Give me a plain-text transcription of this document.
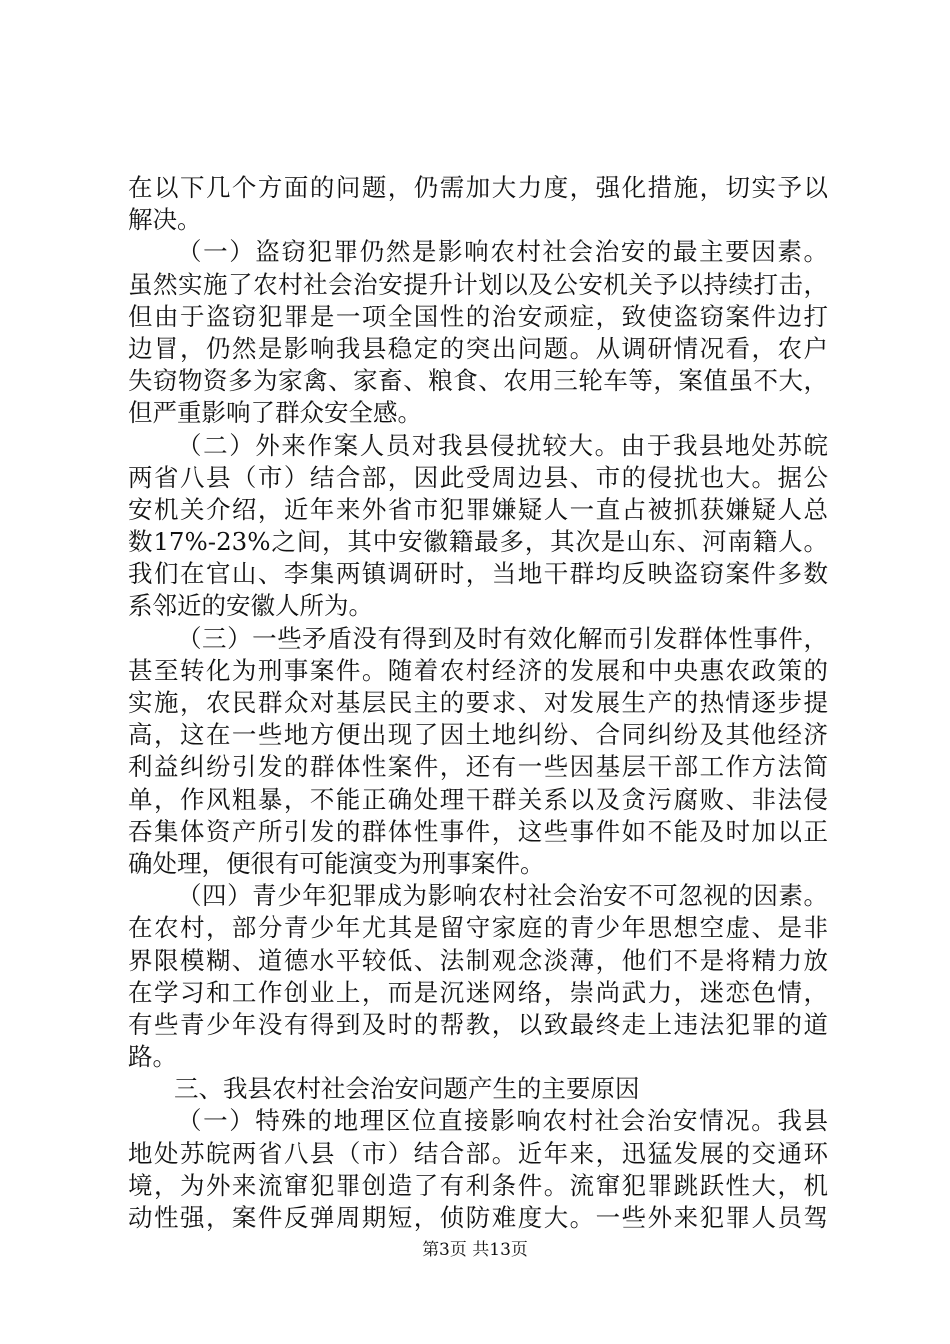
在以下几个方面的问题，仍需加大力度，强化措施，切实予以
解决。
（一）盗窃犯罪仍然是影响农村社会治安的最主要因素。
虽然实施了农村社会治安提升计划以及公安机关予以持续打击，
但由于盗窃犯罪是一项全国性的治安顽症，致使盗窃案件边打
边冒，仍然是影响我县稳定的突出问题。从调研情况看，农户
失窃物资多为家禽、家畜、粮食、农用三轮车等，案值虽不大，
但严重影响了群众安全感。
（二）外来作案人员对我县侵扰较大。由于我县地处苏皖
两省八县（市）结合部，因此受周边县、市的侵扰也大。据公
安机关介绍，近年来外省市犯罪嫌疑人一直占被抓获嫌疑人总
数17%-23%之间，其中安徽籍最多，其次是山东、河南籍人。
我们在官山、李集两镇调研时，当地干群均反映盗窃案件多数
系邻近的安徽人所为。
（三）一些矛盾没有得到及时有效化解而引发群体性事件，
甚至转化为刑事案件。随着农村经济的发展和中央惠农政策的
实施，农民群众对基层民主的要求、对发展生产的热情逐步提
高，这在一些地方便出现了因土地纠纷、合同纠纷及其他经济
利益纠纷引发的群体性案件，还有一些因基层干部工作方法简
单，作风粗暴，不能正确处理干群关系以及贪污腐败、非法侵
吞集体资产所引发的群体性事件，这些事件如不能及时加以正
确处理，便很有可能演变为刑事案件。
（四）青少年犯罪成为影响农村社会治安不可忽视的因素。
在农村，部分青少年尤其是留守家庭的青少年思想空虚、是非
界限模糊、道德水平较低、法制观念淡薄，他们不是将精力放
在学习和工作创业上，而是沉迷网络，崇尚武力，迷恋色情，
有些青少年没有得到及时的帮教，以致最终走上违法犯罪的道
路。
三、我县农村社会治安问题产生的主要原因
（一）特殊的地理区位直接影响农村社会治安情况。我县
地处苏皖两省八县（市）结合部。近年来，迅猛发展的交通环
境，为外来流窜犯罪创造了有利条件。流窜犯罪跳跃性大，机
动性强，案件反弹周期短，侦防难度大。一些外来犯罪人员驾
第3页 共13页
